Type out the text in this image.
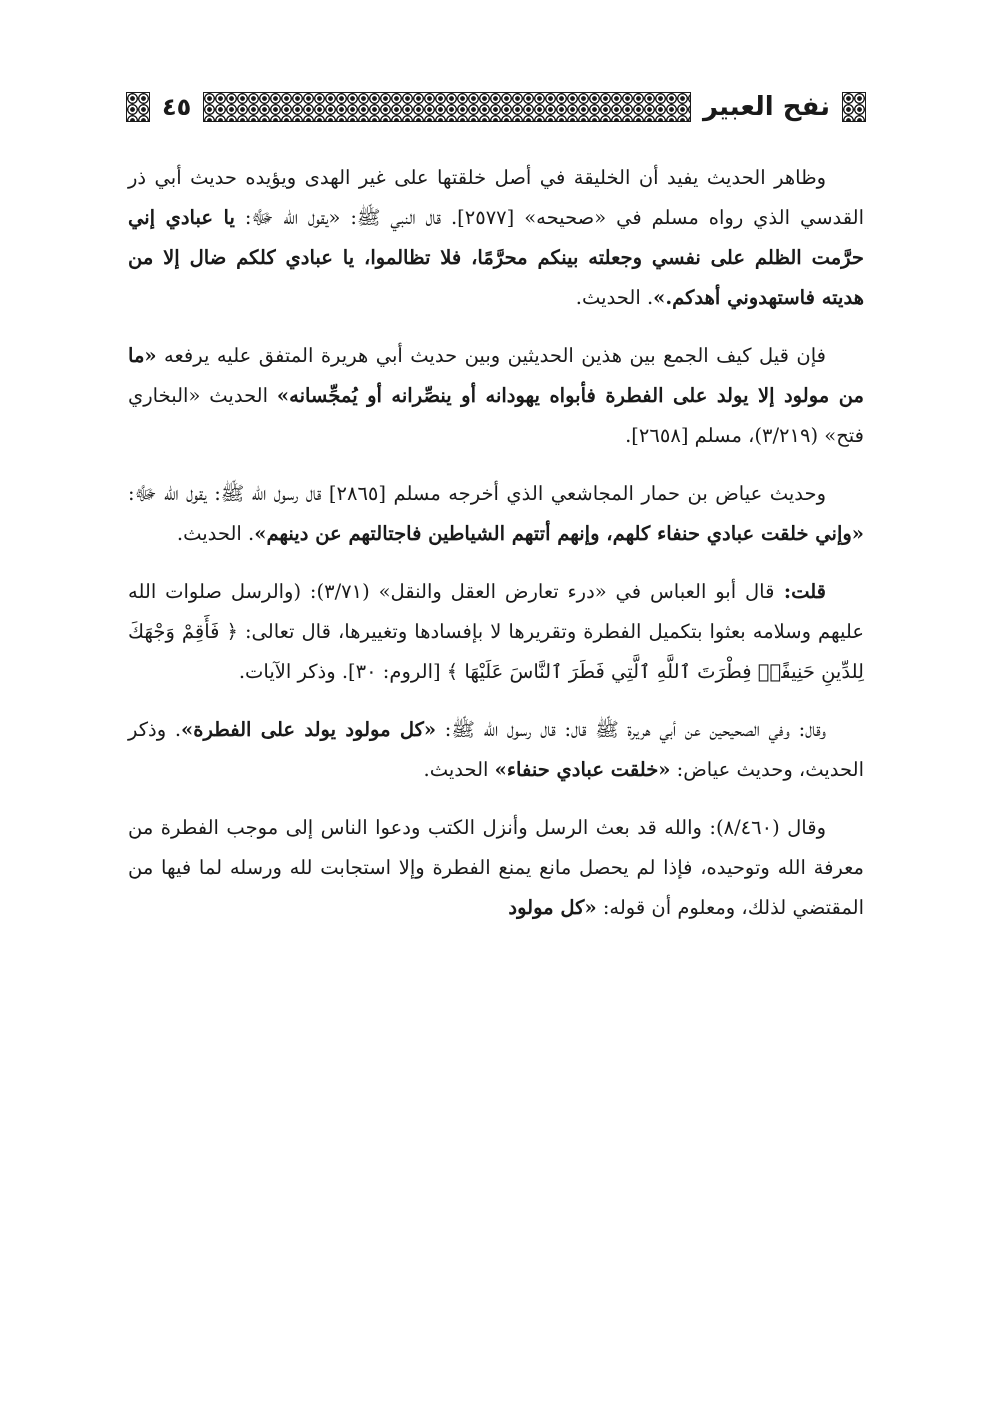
نفح العبير
٤٥

وظاهر الحديث يفيد أن الخليقة في أصل خلقتها على غير الهدى ويؤيده حديث أبي ذر القدسي الذي رواه مسلم في «صحيحه» [٢٥٧٧]. قال النبي ﷺ: «يقول الله ﷻ: يا عبادي إني حرَّمت الظلم على نفسي وجعلته بينكم محرَّمًا، فلا تظالموا، يا عبادي كلكم ضال إلا من هديته فاستهدوني أهدكم.». الحديث.

فإن قيل كيف الجمع بين هذين الحديثين وبين حديث أبي هريرة المتفق عليه يرفعه «ما من مولود إلا يولد على الفطرة فأبواه يهودانه أو ينصِّرانه أو يُمجِّسانه» الحديث «البخاري فتح» (٣/٢١٩)، مسلم [٢٦٥٨].

وحديث عياض بن حمار المجاشعي الذي أخرجه مسلم [٢٨٦٥] قال رسول الله ﷺ: يقول الله ﷻ: «وإني خلقت عبادي حنفاء كلهم، وإنهم أتتهم الشياطين فاجتالتهم عن دينهم». الحديث.

قلت: قال أبو العباس في «درء تعارض العقل والنقل» (٣/٧١): (والرسل صلوات الله عليهم وسلامه بعثوا بتكميل الفطرة وتقريرها لا بإفسادها وتغييرها، قال تعالى: ﴿ فَأَقِمْ وَجْهَكَ لِلدِّينِ حَنِيفًاۚ فِطْرَتَ ٱللَّهِ ٱلَّتِي فَطَرَ ٱلنَّاسَ عَلَيْهَا ﴾ [الروم: ٣٠]. وذكر الآيات.

وقال: وفي الصحيحين عن أبي هريرة ﷺ قال: قال رسول الله ﷺ: «كل مولود يولد على الفطرة». وذكر الحديث، وحديث عياض: «خلقت عبادي حنفاء» الحديث.

وقال (٨/٤٦٠): والله قد بعث الرسل وأنزل الكتب ودعوا الناس إلى موجب الفطرة من معرفة الله وتوحيده، فإذا لم يحصل مانع يمنع الفطرة وإلا استجابت لله ورسله لما فيها من المقتضي لذلك، ومعلوم أن قوله: «كل مولود
